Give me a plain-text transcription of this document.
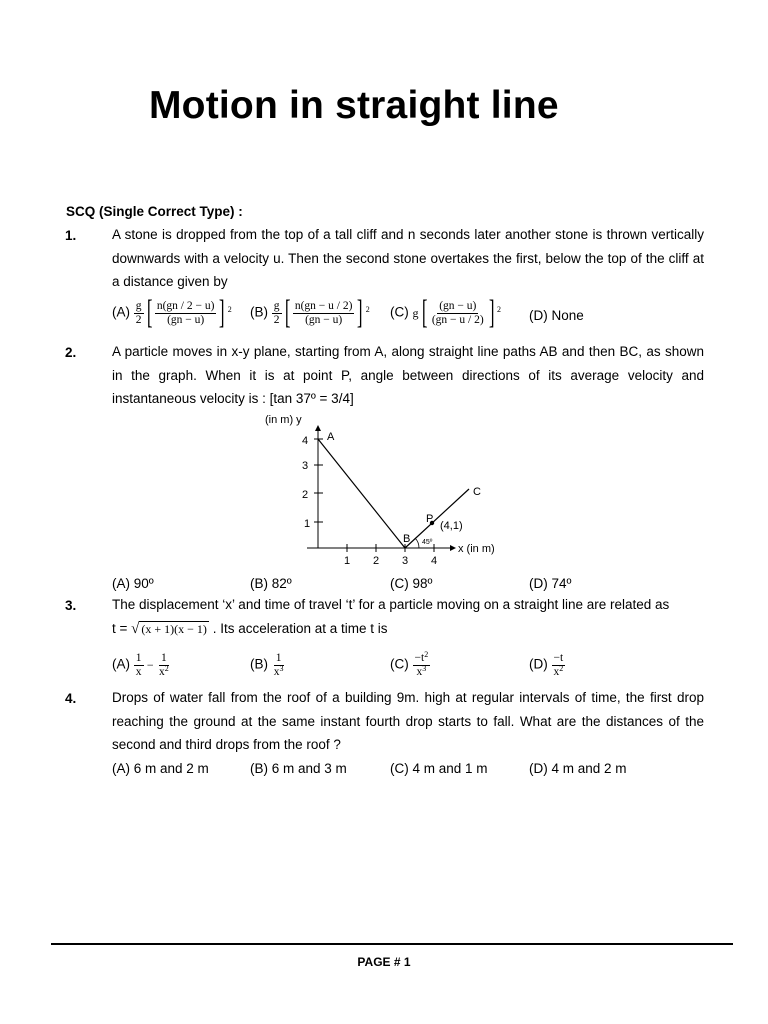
Motion in straight line
SCQ (Single Correct Type) :
1.	A stone is dropped from the top of a tall cliff and n seconds later another stone is thrown vertically downwards with a velocity u. Then the second stone overtakes the first, below the top of the cliff at a distance given by
$(A) \frac{g}{2}$ [ $\frac{n(gn / 2 - u)}{(gn - u)}$ ] $^2$ $(B) \frac{g}{2}$ [ $\frac{n(gn - u / 2)}{(gn - u)}$ ] $^2$ (C) g [ $\frac{(gn - u)}{(gn - u / 2)}$ ] $^2$ (D) None
2.	A particle moves in x-y plane, starting from A, along straight line paths AB and then BC, as shown in the graph. When it is at point P, angle between directions of its average velocity and instantaneous velocity is : [tan 37º = 3/4]
(in m) y
x (in m)
1
2
3
4
1 2 3 4
A
B
C
P
(4,1)
45º
(A) 90º	(B) 82º	(C) 98º	(D) 74º
3.	The displacement ‘x’ and time of travel ‘t’ for a particle moving on a straight line are related as
t = √ (x + 1)(x − 1) . Its acceleration at a time t is
$(A) \frac{1}{x} - \frac{1}{x^2}$	$(B) \frac{1}{x^3}$	$(C) \frac{-t^2}{x^3}$	$(D) \frac{-t}{x^2}$
4.	Drops of water fall from the roof of a building 9m. high at regular intervals of time, the first drop reaching the ground at the same instant fourth drop starts to fall. What are the distances of the second and third drops from the roof ?
(A) 6 m and 2 m	(B) 6 m and 3 m	(C) 4 m and 1 m	(D) 4 m and 2 m
PAGE # 1
